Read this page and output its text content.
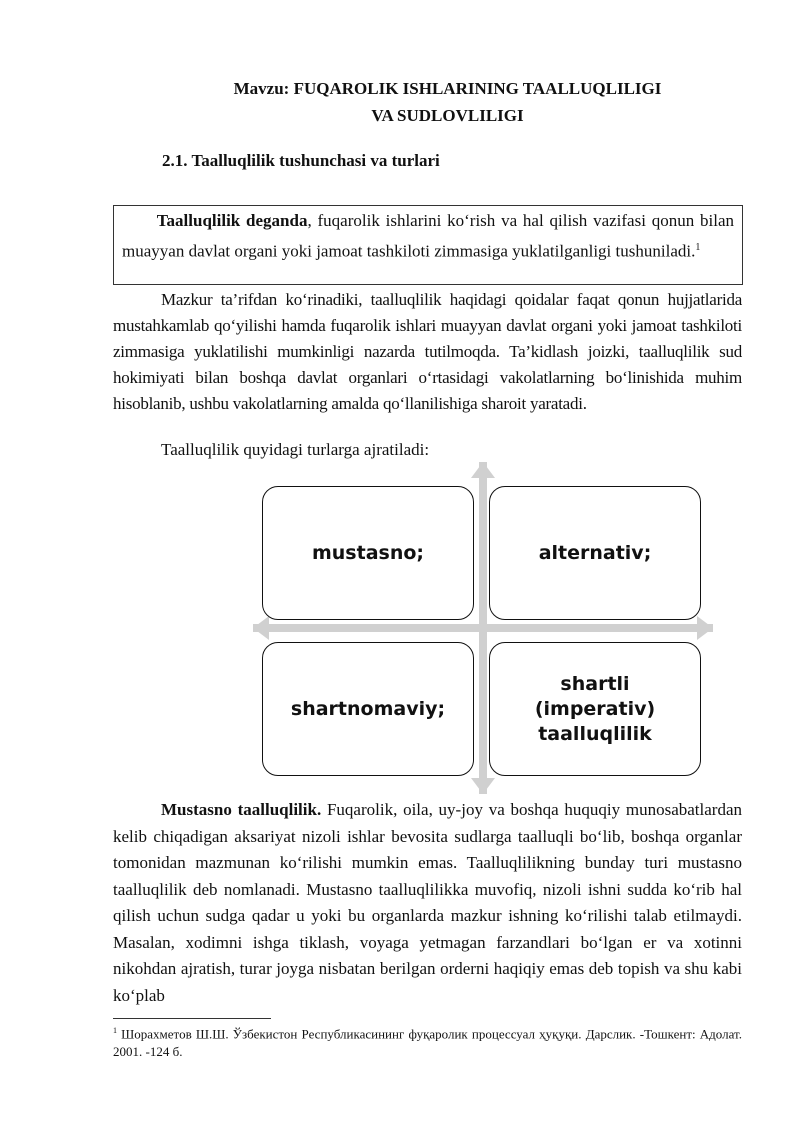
Mavzu: FUQAROLIK ISHLARINING TAALLUQLILIGI
VA SUDLOVLILIGI
2.1. Taalluqlilik tushunchasi va turlari
Taalluqlilik deganda, fuqarolik ishlarini ko‘rish va hal qilish vazifasi qonun bilan muayyan davlat organi yoki jamoat tashkiloti zimmasiga yuklatilganligi tushuniladi.$^1$
Mazkur ta’rifdan ko‘rinadiki, taalluqlilik haqidagi qoidalar faqat qonun hujjatlarida mustahkamlab qo‘yilishi hamda fuqarolik ishlari muayyan davlat organi yoki jamoat tashkiloti zimmasiga yuklatilishi mumkinligi nazarda tutilmoqda. Ta’kidlash joizki, taalluqlilik sud hokimiyati bilan boshqa davlat organlari o‘rtasidagi vakolatlarning bo‘linishida muhim hisoblanib, ushbu vakolatlarning amalda qo‘llanilishiga sharoit yaratadi.
Taalluqlilik quyidagi turlarga ajratiladi:
mustasno;	alternativ;
shartnomaviy;
shartli (imperativ) taalluqlilik
Mustasno taalluqlilik. Fuqarolik, oila, uy-joy va boshqa huquqiy munosabatlardan kelib chiqadigan aksariyat nizoli ishlar bevosita sudlarga taalluqli bo‘lib, boshqa organlar tomonidan mazmunan ko‘rilishi mumkin emas. Taalluqlilikning bunday turi mustasno taalluqlilik deb nomlanadi. Mustasno taalluqlilikka muvofiq, nizoli ishni sudda ko‘rib hal qilish uchun sudga qadar u yoki bu organlarda mazkur ishning ko‘rilishi talab etilmaydi. Masalan, xodimni ishga tiklash, voyaga yetmagan farzandlari bo‘lgan er va xotinni nikohdan ajratish, turar joyga nisbatan berilgan orderni haqiqiy emas deb topish va shu kabi ko‘plab
$^1$ Шорахметов Ш.Ш. Ўзбекистон Республикасининг фуқаролик процессуал ҳуқуқи. Дарслик. -Тошкент: Адолат. 2001. -124 б.
